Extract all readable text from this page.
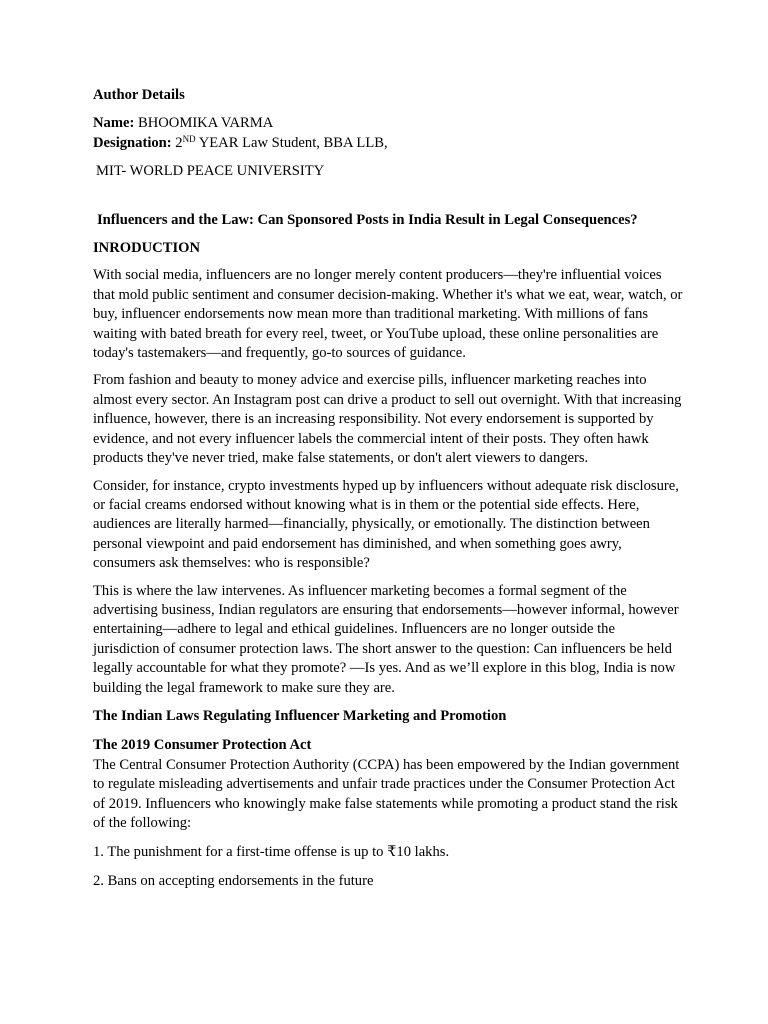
Author Details

Name: BHOOMIKA VARMA

Designation: 2ND YEAR Law Student, BBA LLB,

MIT- WORLD PEACE UNIVERSITY

Influencers and the Law: Can Sponsored Posts in India Result in Legal Consequences?

INRODUCTION

With social media, influencers are no longer merely content producers—they're influential voices that mold public sentiment and consumer decision-making. Whether it's what we eat, wear, watch, or buy, influencer endorsements now mean more than traditional marketing. With millions of fans waiting with bated breath for every reel, tweet, or YouTube upload, these online personalities are today's tastemakers—and frequently, go-to sources of guidance.

From fashion and beauty to money advice and exercise pills, influencer marketing reaches into almost every sector. An Instagram post can drive a product to sell out overnight. With that increasing influence, however, there is an increasing responsibility. Not every endorsement is supported by evidence, and not every influencer labels the commercial intent of their posts. They often hawk products they've never tried, make false statements, or don't alert viewers to dangers.

Consider, for instance, crypto investments hyped up by influencers without adequate risk disclosure, or facial creams endorsed without knowing what is in them or the potential side effects. Here, audiences are literally harmed—financially, physically, or emotionally. The distinction between personal viewpoint and paid endorsement has diminished, and when something goes awry, consumers ask themselves: who is responsible?

This is where the law intervenes. As influencer marketing becomes a formal segment of the advertising business, Indian regulators are ensuring that endorsements—however informal, however entertaining—adhere to legal and ethical guidelines. Influencers are no longer outside the jurisdiction of consumer protection laws. The short answer to the question: Can influencers be held legally accountable for what they promote? —Is yes. And as we’ll explore in this blog, India is now building the legal framework to make sure they are.

The Indian Laws Regulating Influencer Marketing and Promotion

The 2019 Consumer Protection Act

The Central Consumer Protection Authority (CCPA) has been empowered by the Indian government to regulate misleading advertisements and unfair trade practices under the Consumer Protection Act of 2019. Influencers who knowingly make false statements while promoting a product stand the risk of the following:

1. The punishment for a first-time offense is up to ₹10 lakhs.

2. Bans on accepting endorsements in the future
